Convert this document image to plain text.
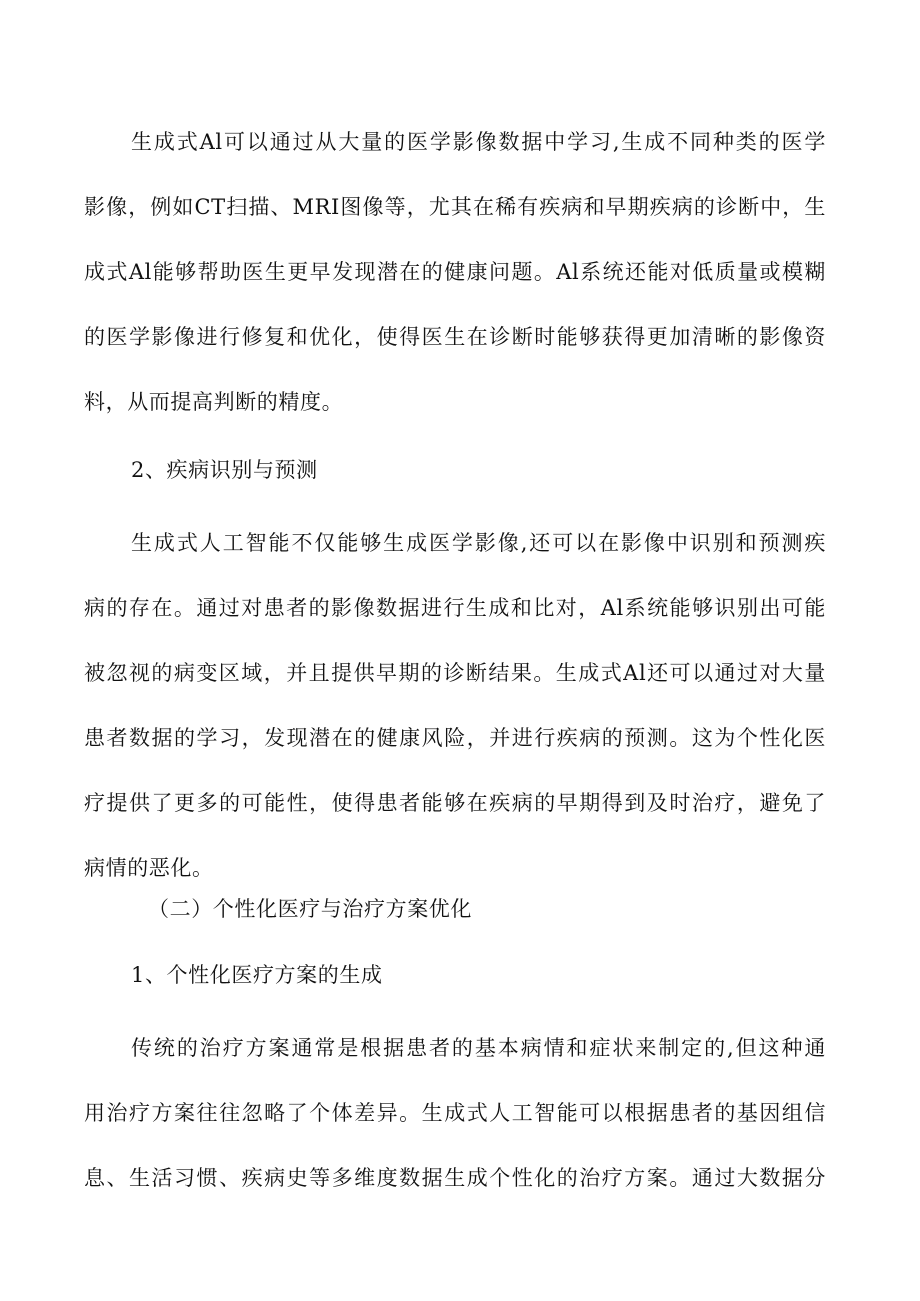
生成式Al可以通过从大量的医学影像数据中学习,生成不同种类的医学
影像，例如CT扫描、MRI图像等，尤其在稀有疾病和早期疾病的诊断中，生
成式Al能够帮助医生更早发现潜在的健康问题。Al系统还能对低质量或模糊
的医学影像进行修复和优化，使得医生在诊断时能够获得更加清晰的影像资
料，从而提高判断的精度。
2、疾病识别与预测
生成式人工智能不仅能够生成医学影像,还可以在影像中识别和预测疾
病的存在。通过对患者的影像数据进行生成和比对，Al系统能够识别出可能
被忽视的病变区域，并且提供早期的诊断结果。生成式Al还可以通过对大量
患者数据的学习，发现潜在的健康风险，并进行疾病的预测。这为个性化医
疗提供了更多的可能性，使得患者能够在疾病的早期得到及时治疗，避免了
病情的恶化。
（二）个性化医疗与治疗方案优化
1、个性化医疗方案的生成
传统的治疗方案通常是根据患者的基本病情和症状来制定的,但这种通
用治疗方案往往忽略了个体差异。生成式人工智能可以根据患者的基因组信
息、生活习惯、疾病史等多维度数据生成个性化的治疗方案。通过大数据分
